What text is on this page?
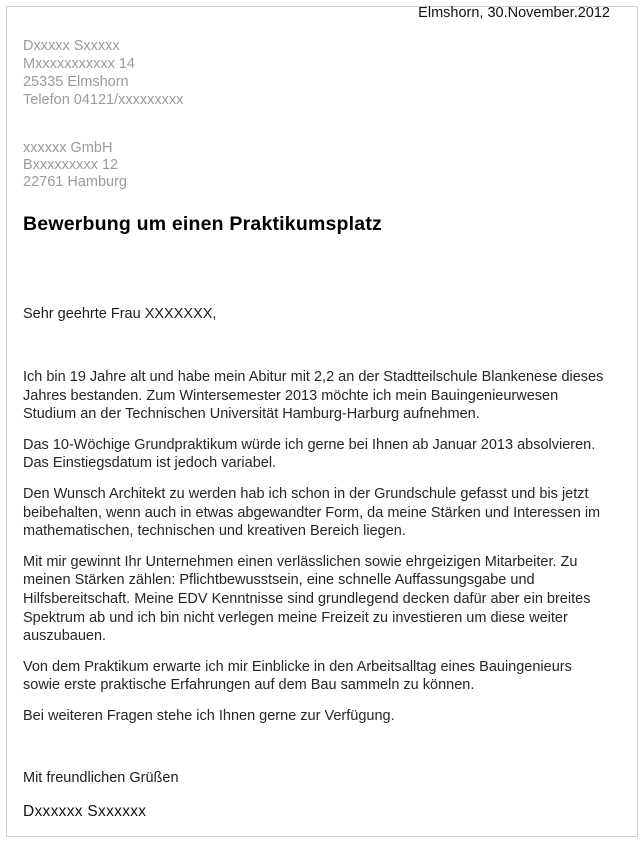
Elmshorn, 30.November.2012
Dxxxxx Sxxxxx
Mxxxxxxxxxxx 14
25335 Elmshorn
Telefon 04121/xxxxxxxxx
xxxxxx GmbH
Bxxxxxxxxx 12
22761 Hamburg
Bewerbung um einen Praktikumsplatz
Sehr geehrte Frau XXXXXXX,

Ich bin 19 Jahre alt und habe mein Abitur mit 2,2 an der Stadtteilschule Blankenese dieses Jahres bestanden. Zum Wintersemester 2013 möchte ich mein Bauingenieurwesen Studium an der Technischen Universität Hamburg-Harburg aufnehmen.

Das 10-Wöchige Grundpraktikum würde ich gerne bei Ihnen ab Januar 2013 absolvieren. Das Einstiegsdatum ist jedoch variabel.

Den Wunsch Architekt zu werden hab ich schon in der Grundschule gefasst und bis jetzt beibehalten, wenn auch in etwas abgewandter Form, da meine Stärken und Interessen im mathematischen, technischen und kreativen Bereich liegen.

Mit mir gewinnt Ihr Unternehmen einen verlässlichen sowie ehrgeizigen Mitarbeiter. Zu meinen Stärken zählen: Pflichtbewusstsein, eine schnelle Auffassungsgabe und Hilfsbereitschaft. Meine EDV Kenntnisse sind grundlegend decken dafür aber ein breites Spektrum ab und ich bin nicht verlegen meine Freizeit zu investieren um diese weiter auszubauen.

Von dem Praktikum erwarte ich mir Einblicke in den Arbeitsalltag eines Bauingenieurs sowie erste praktische Erfahrungen auf dem Bau sammeln zu können.

Bei weiteren Fragen stehe ich Ihnen gerne zur Verfügung.

Mit freundlichen Grüßen
Dxxxxxx Sxxxxxx
